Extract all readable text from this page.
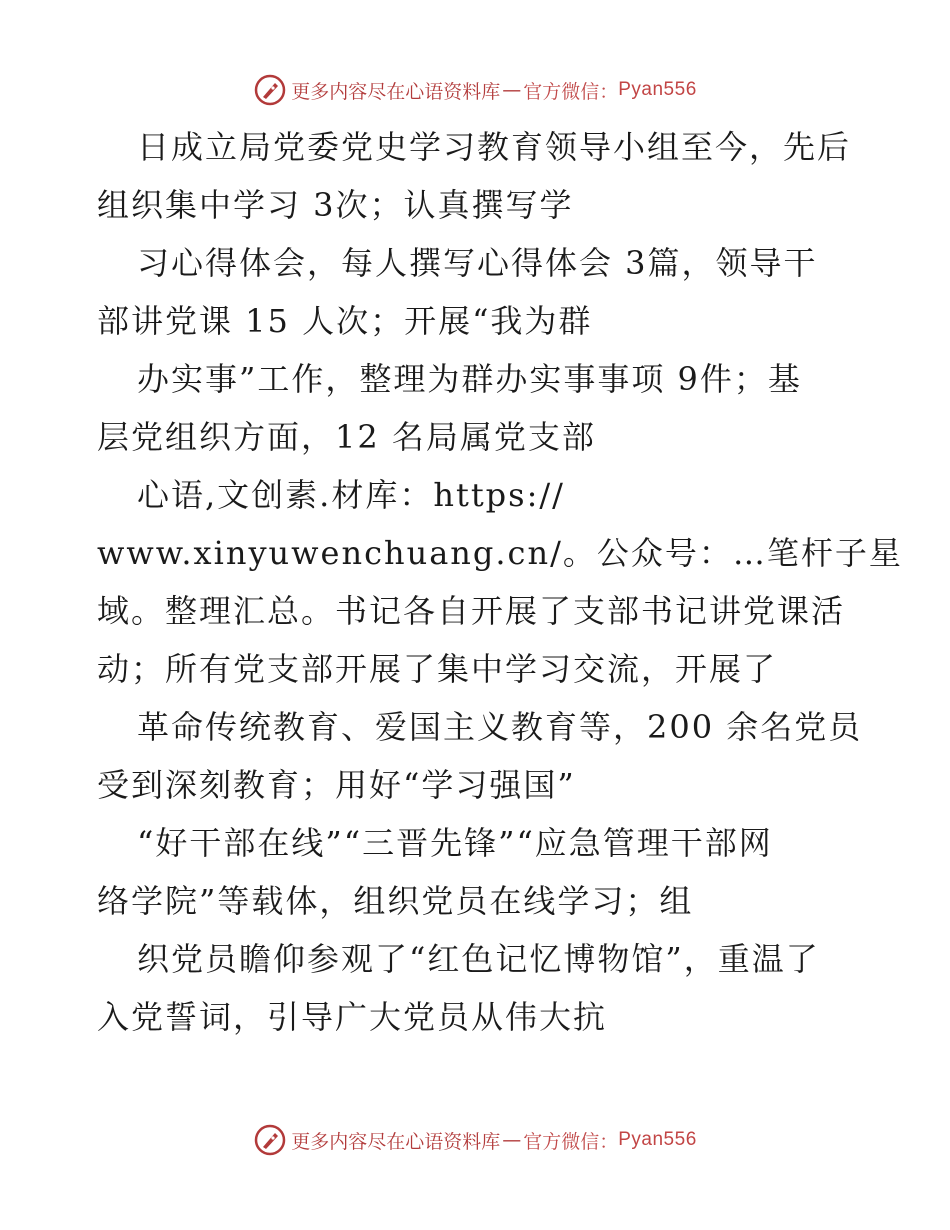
更多内容尽在心语资料库 — 官方微信： Pyan556
日成立局党委党史学习教育领导小组至今，先后
组织集中学习 3次；认真撰写学
习心得体会，每人撰写心得体会 3篇，领导干
部讲党课 15 人次；开展“我为群
办实事”工作，整理为群办实事事项 9件；基
层党组织方面，12 名局属党支部
心语,文创素.材库：https://
www.xinyuwenchuang.cn/。公众号：…笔杆子星
域。整理汇总。书记各自开展了支部书记讲党课活
动；所有党支部开展了集中学习交流，开展了
革命传统教育、爱国主义教育等，200 余名党员
受到深刻教育；用好“学习强国”
“好干部在线”“三晋先锋”“应急管理干部网
络学院”等载体，组织党员在线学习；组
织党员瞻仰参观了“红色记忆博物馆”，重温了
入党誓词，引导广大党员从伟大抗
更多内容尽在心语资料库 — 官方微信： Pyan556
